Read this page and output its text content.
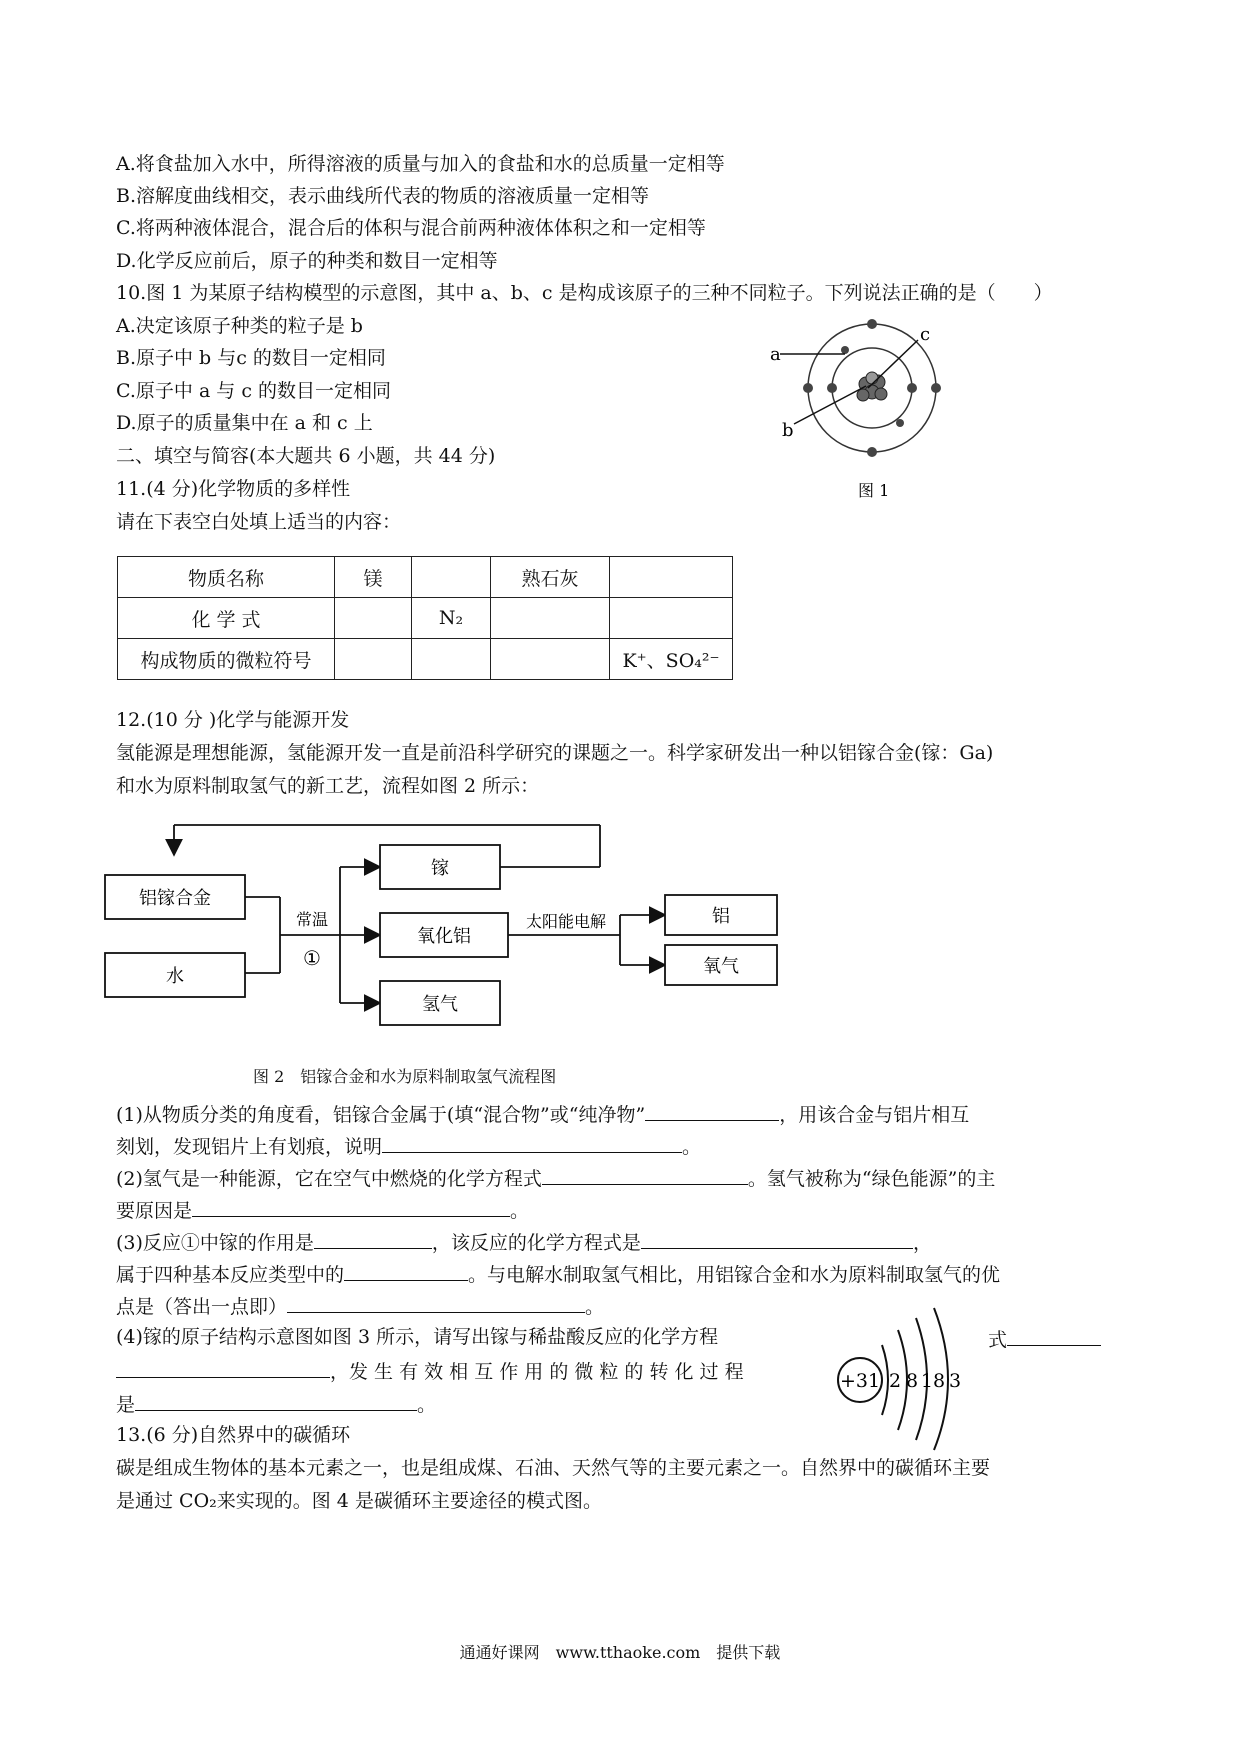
A.将食盐加入水中，所得溶液的质量与加入的食盐和水的总质量一定相等
B.溶解度曲线相交，表示曲线所代表的物质的溶液质量一定相等
C.将两种液体混合，混合后的体积与混合前两种液体体积之和一定相等
D.化学反应前后，原子的种类和数目一定相等
10.图 1 为某原子结构模型的示意图，其中 a、b、c 是构成该原子的三种不同粒子。下列说法正确的是（　　）
A.决定该原子种类的粒子是 b
B.原子中 b 与c 的数目一定相同
C.原子中 a 与 c 的数目一定相同
D.原子的质量集中在 a 和 c 上
a
c
b
图 1
二、填空与简容(本大题共 6 小题，共 44 分)
11.(4 分)化学物质的多样性
请在下表空白处填上适当的内容：
物质名称	镁		熟石灰	
化 学 式		N₂		
构成物质的微粒符号				K⁺、SO₄²⁻
12.(10 分 )化学与能源开发
氢能源是理想能源，氢能源开发一直是前沿科学研究的课题之一。科学家研发出一种以铝镓合金(镓：Ga)
和水为原料制取氢气的新工艺，流程如图 2 所示：
铝镓合金
水
镓
氧化铝
氢气
铝
氧气
常温
①
太阳能电解
图 2　铝镓合金和水为原料制取氢气流程图
(1)从物质分类的角度看，铝镓合金属于(填“混合物”或“纯净物”	，用该合金与铝片相互
刻划，发现铝片上有划痕，说明	。
(2)氢气是一种能源，它在空气中燃烧的化学方程式	。氢气被称为“绿色能源”的主
要原因是	。
(3)反应①中镓的作用是	，该反应的化学方程式是	，
属于四种基本反应类型中的	。与电解水制取氢气相比，用铝镓合金和水为原料制取氢气的优
点是（答出一点即）	。
(4)镓的原子结构示意图如图 3 所示，请写出镓与稀盐酸反应的化学方程	式
，发 生 有 效 相 互 作 用 的 微 粒 的 转 化 过 程
是	。
+31 2 8 18 3
13.(6 分)自然界中的碳循环
碳是组成生物体的基本元素之一，也是组成煤、石油、天然气等的主要元素之一。自然界中的碳循环主要
是通过 CO₂来实现的。图 4 是碳循环主要途径的模式图。
通通好课网　www.tthaoke.com　提供下载
